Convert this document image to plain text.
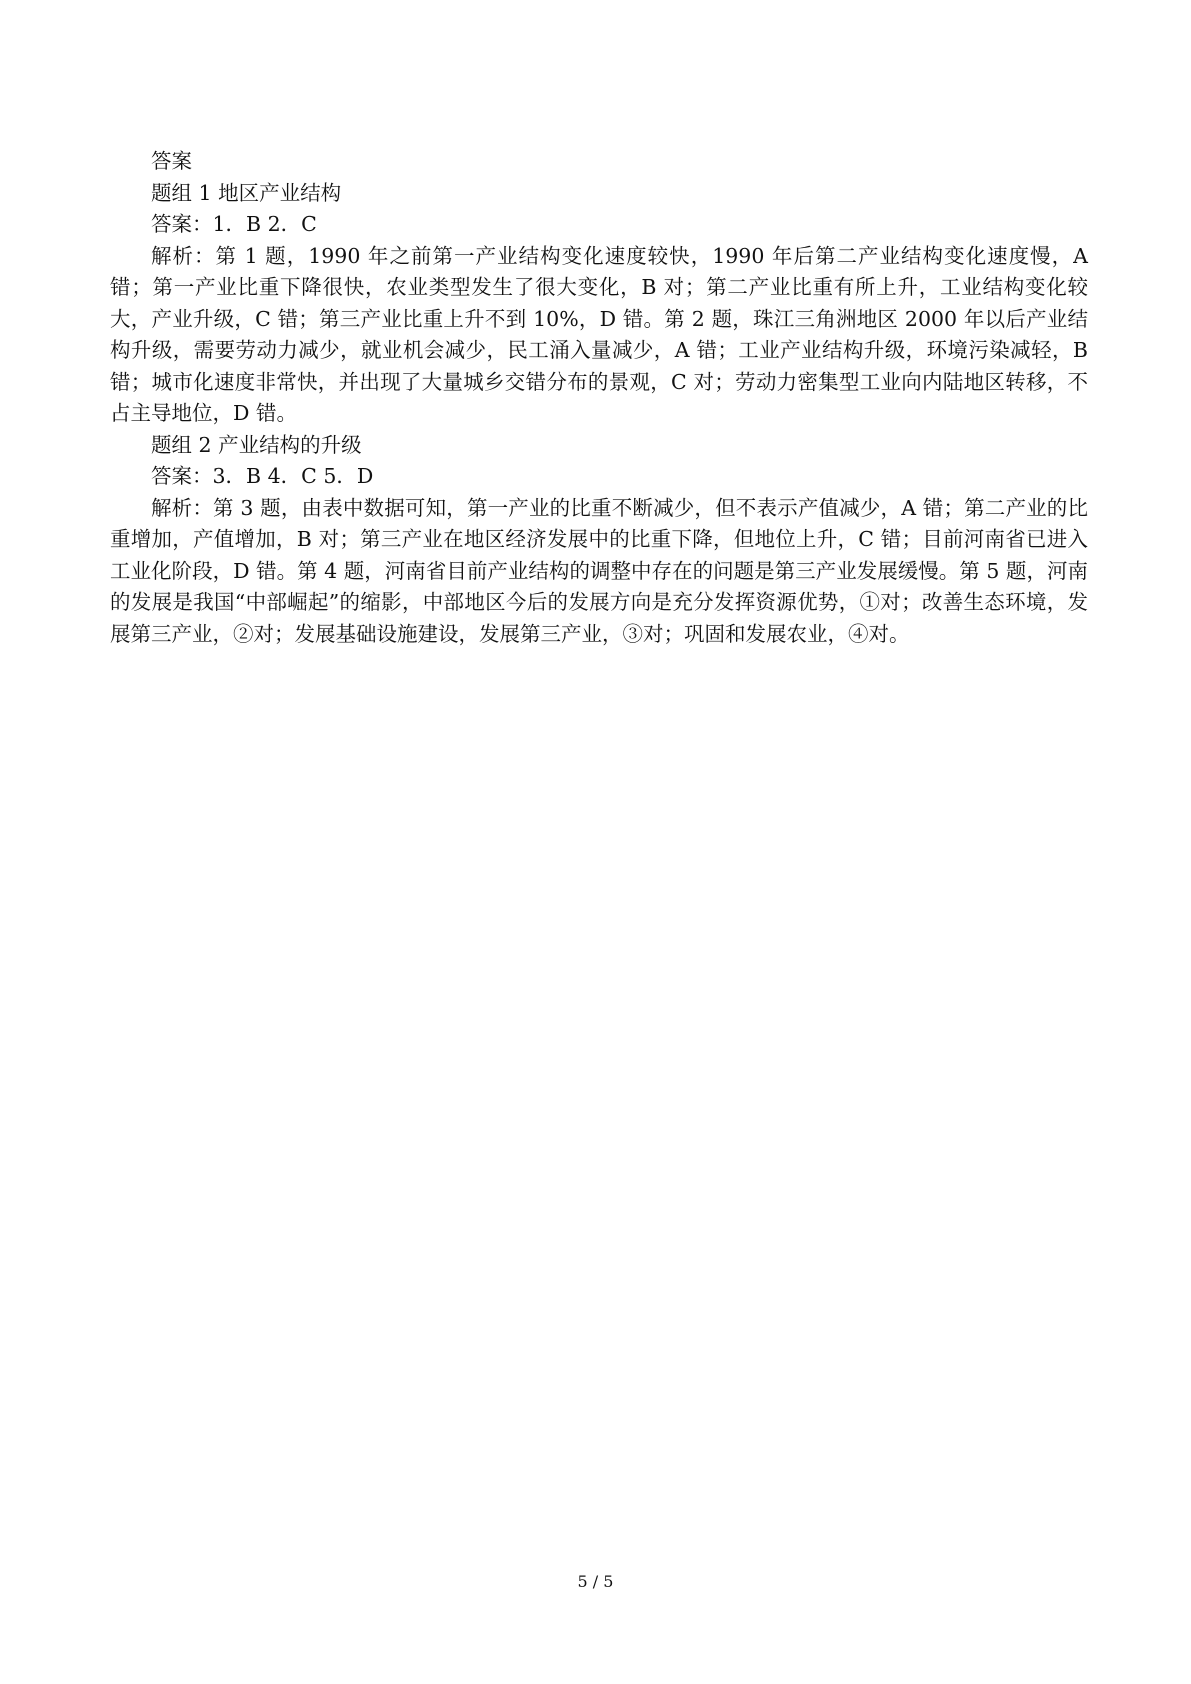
答案

题组 1 地区产业结构

答案：1．B 2．C

解析：第 1 题，1990 年之前第一产业结构变化速度较快，1990 年后第二产业结构变化速度慢，A 错；第一产业比重下降很快，农业类型发生了很大变化，B 对；第二产业比重有所上升，工业结构变化较大，产业升级，C 错；第三产业比重上升不到 10%，D 错。第 2 题，珠江三角洲地区 2000 年以后产业结构升级，需要劳动力减少，就业机会减少，民工涌入量减少，A 错；工业产业结构升级，环境污染减轻，B 错；城市化速度非常快，并出现了大量城乡交错分布的景观，C 对；劳动力密集型工业向内陆地区转移，不占主导地位，D 错。

题组 2 产业结构的升级

答案：3．B 4．C 5．D

解析：第 3 题，由表中数据可知，第一产业的比重不断减少，但不表示产值减少，A 错；第二产业的比重增加，产值增加，B 对；第三产业在地区经济发展中的比重下降，但地位上升，C 错；目前河南省已进入工业化阶段，D 错。第 4 题，河南省目前产业结构的调整中存在的问题是第三产业发展缓慢。第 5 题，河南的发展是我国“中部崛起”的缩影，中部地区今后的发展方向是充分发挥资源优势，①对；改善生态环境，发展第三产业，②对；发展基础设施建设，发展第三产业，③对；巩固和发展农业，④对。

5 / 5
